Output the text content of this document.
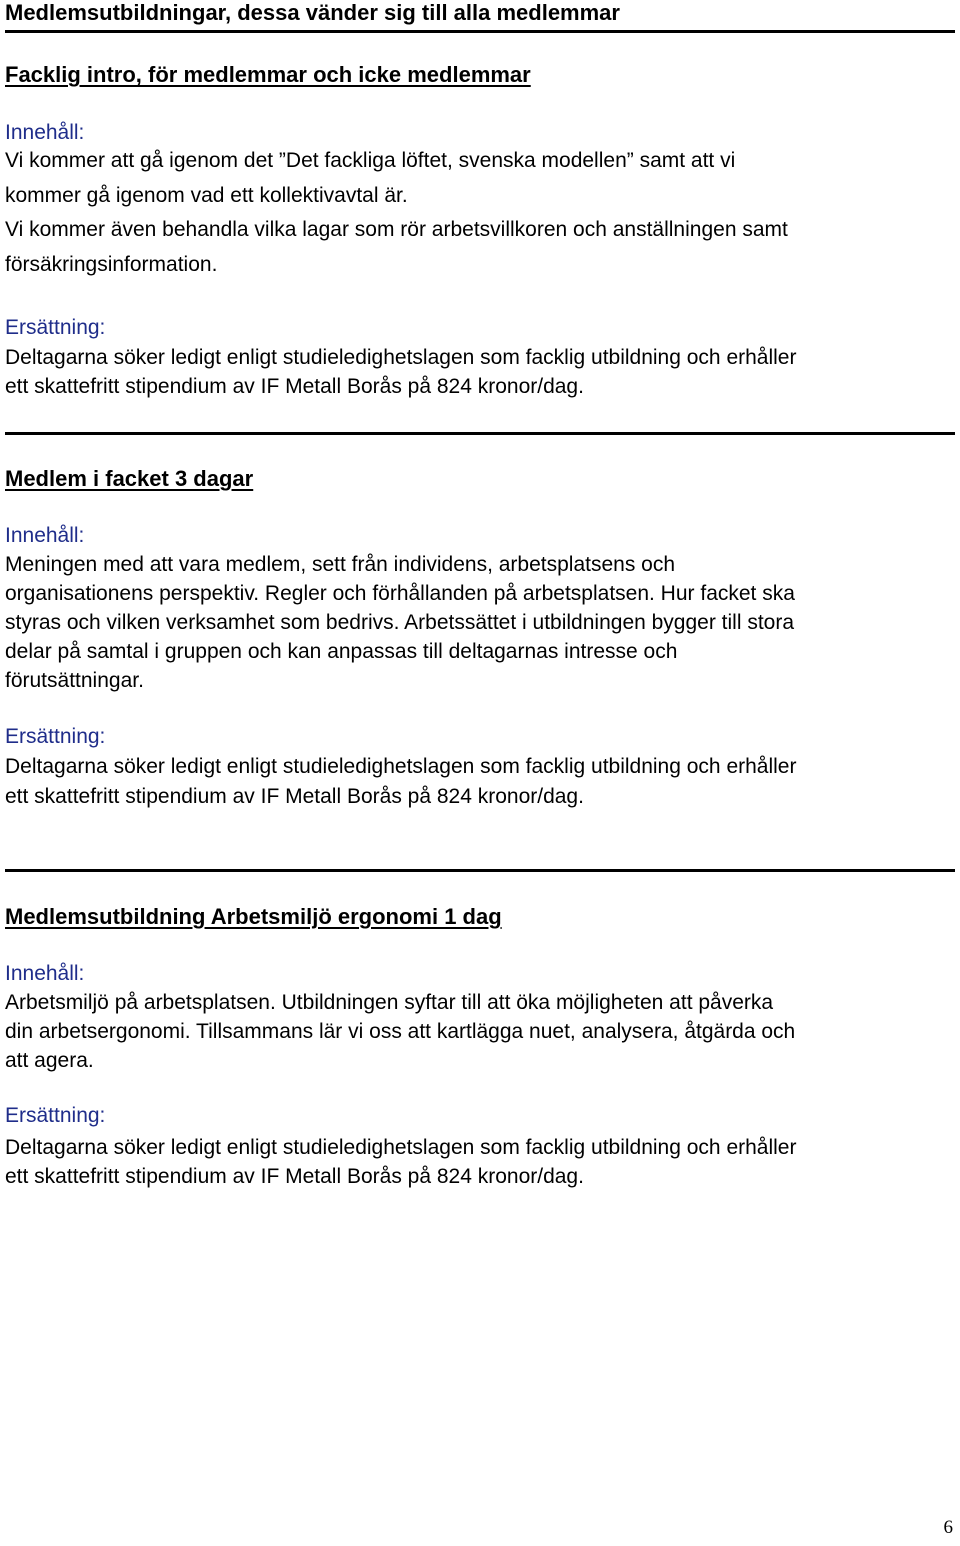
Medlemsutbildningar, dessa vänder sig till alla medlemmar
Facklig intro, för medlemmar och icke medlemmar
Innehåll:
Vi kommer att gå igenom det ”Det fackliga löftet, svenska modellen” samt att vi
kommer gå igenom vad ett kollektivavtal är.
Vi kommer även behandla vilka lagar som rör arbetsvillkoren och anställningen samt
försäkringsinformation.
Ersättning:
Deltagarna söker ledigt enligt studieledighetslagen som facklig utbildning och erhåller
ett skattefritt stipendium av IF Metall Borås på 824 kronor/dag.
Medlem i facket 3 dagar
Innehåll:
Meningen med att vara medlem, sett från individens, arbetsplatsens och
organisationens perspektiv. Regler och förhållanden på arbetsplatsen. Hur facket ska
styras och vilken verksamhet som bedrivs. Arbetssättet i utbildningen bygger till stora
delar på samtal i gruppen och kan anpassas till deltagarnas intresse och
förutsättningar.
Ersättning:
Deltagarna söker ledigt enligt studieledighetslagen som facklig utbildning och erhåller
ett skattefritt stipendium av IF Metall Borås på 824 kronor/dag.
Medlemsutbildning Arbetsmiljö ergonomi 1 dag
Innehåll:
Arbetsmiljö på arbetsplatsen. Utbildningen syftar till att öka möjligheten att påverka
din arbetsergonomi. Tillsammans lär vi oss att kartlägga nuet, analysera, åtgärda och
att agera.
Ersättning:
Deltagarna söker ledigt enligt studieledighetslagen som facklig utbildning och erhåller
ett skattefritt stipendium av IF Metall Borås på 824 kronor/dag.
6
